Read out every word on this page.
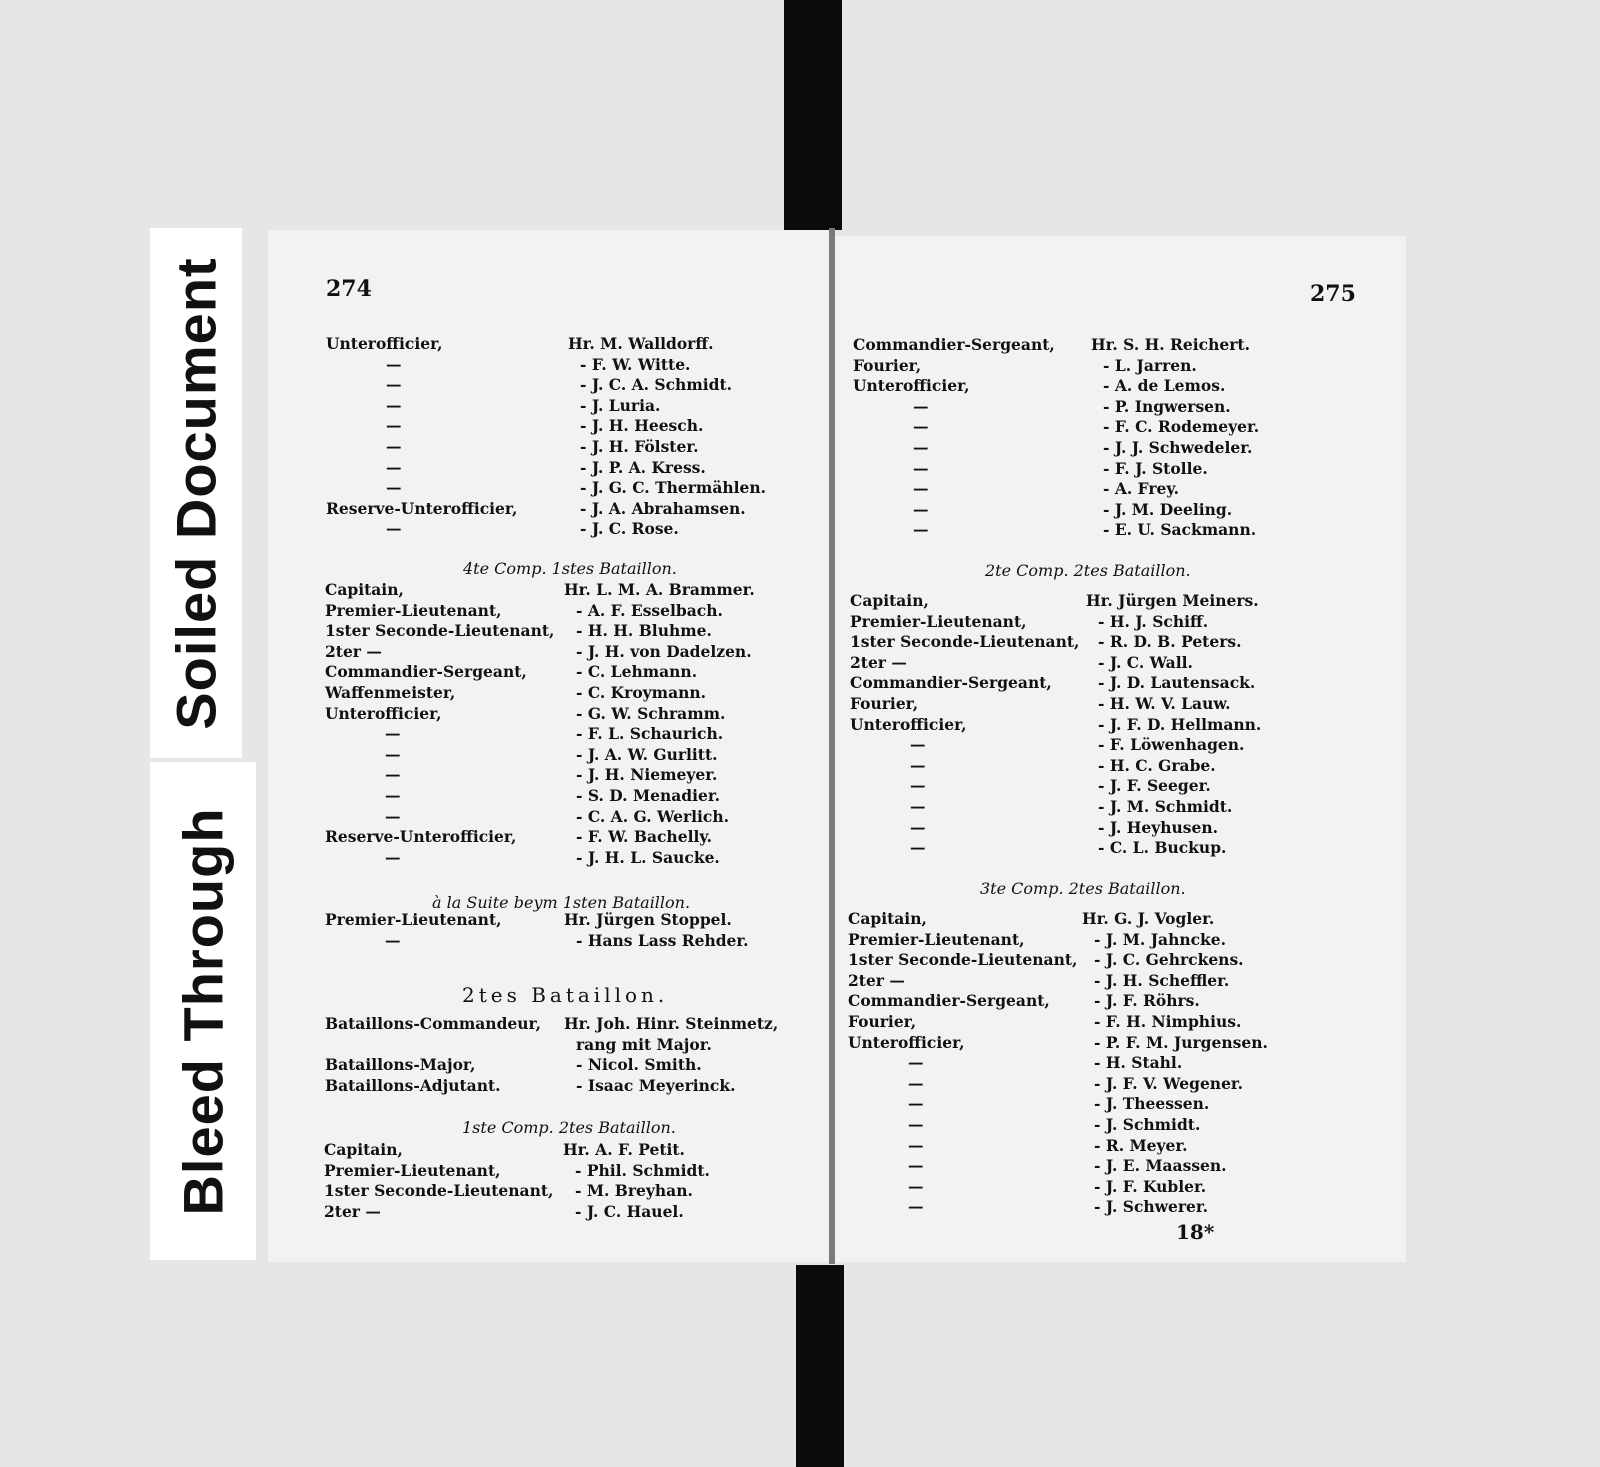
Soiled Document
Bleed Through
274	275
Unterofficier,	Hr. M. Walldorff.
—	- F. W. Witte.
—	- J. C. A. Schmidt.
—	- J. Luria.
—	- J. H. Heesch.
—	- J. H. Fölster.
—	- J. P. A. Kress.
—	- J. G. C. Thermählen.
Reserve-Unterofficier,	- J. A. Abrahamsen.
—	- J. C. Rose.
Capitain,	Hr. L. M. A. Brammer.
Premier-Lieutenant,	- A. F. Esselbach.
1ster Seconde-Lieutenant, - H. H. Bluhme.
2ter —	- J. H. von Dadelzen.
Commandier-Sergeant,	- C. Lehmann.
Waffenmeister,	- C. Kroymann.
Unterofficier,	- G. W. Schramm.
—	- F. L. Schaurich.
—	- J. A. W. Gurlitt.
—	- J. H. Niemeyer.
—	- S. D. Menadier.
—	- C. A. G. Werlich.
Reserve-Unterofficier,	- F. W. Bachelly.
—	- J. H. L. Saucke.
Premier-Lieutenant,	Hr. Jürgen Stoppel.
—	- Hans Lass Rehder.
Bataillons-Commandeur, Hr. Joh. Hinr. Steinmetz,
rang mit Major.
Bataillons-Major,	- Nicol. Smith.
Bataillons-Adjutant.	- Isaac Meyerinck.
Capitain,	Hr. A. F. Petit.
Premier-Lieutenant,	- Phil. Schmidt.
1ster Seconde-Lieutenant, - M. Breyhan.
2ter —	- J. C. Hauel.
Commandier-Sergeant, Hr. S. H. Reichert.
Fourier,	- L. Jarren.
Unterofficier,	- A. de Lemos.
—	- P. Ingwersen.
—	- F. C. Rodemeyer.
—	- J. J. Schwedeler.
—	- F. J. Stolle.
—	- A. Frey.
—	- J. M. Deeling.
—	- E. U. Sackmann.
Capitain,	Hr. Jürgen Meiners.
Premier-Lieutenant,	- H. J. Schiff.
1ster Seconde-Lieutenant, - R. D. B. Peters.
2ter —	- J. C. Wall.
Commandier-Sergeant,	- J. D. Lautensack.
Fourier,	- H. W. V. Lauw.
Unterofficier,	- J. F. D. Hellmann.
—	- F. Löwenhagen.
—	- H. C. Grabe.
—	- J. F. Seeger.
—	- J. M. Schmidt.
—	- J. Heyhusen.
—	- C. L. Buckup.
Capitain,	Hr. G. J. Vogler.
Premier-Lieutenant,	- J. M. Jahncke.
1ster Seconde-Lieutenant, - J. C. Gehrckens.
2ter —	- J. H. Scheffler.
Commandier-Sergeant,	- J. F. Röhrs.
Fourier,	- F. H. Nimphius.
Unterofficier,	- P. F. M. Jurgensen.
—	- H. Stahl.
—	- J. F. V. Wegener.
—	- J. Theessen.
—	- J. Schmidt.
—	- R. Meyer.
—	- J. E. Maassen.
—	- J. F. Kubler.
—	- J. Schwerer.
4te Comp. 1stes Bataillon.
à la Suite beym 1sten Bataillon.
2tes Bataillon.
1ste Comp. 2tes Bataillon.
2te Comp. 2tes Bataillon.
3te Comp. 2tes Bataillon.
18*
